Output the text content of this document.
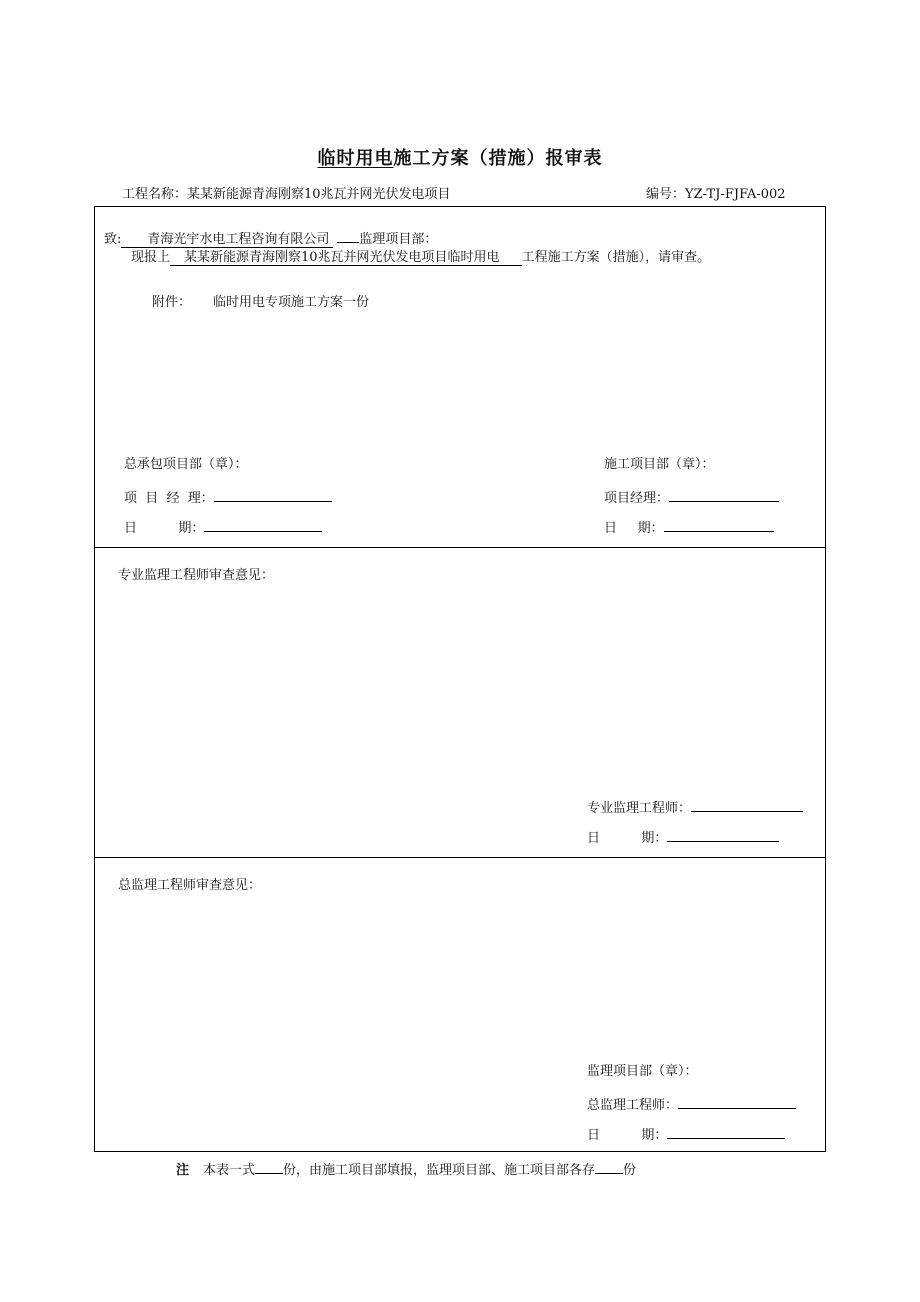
临时用电施工方案（措施）报审表
工程名称：某某新能源青海刚察10兆瓦并网光伏发电项目	编号：YZ-TJ-FJFA-002
致: 青海光宇水电工程咨询有限公司 监理项目部：
现报上 某某新能源青海刚察10兆瓦并网光伏发电项目临时用电 工程施工方案（措施），请审查。
附件： 临时用电专项施工方案一份
总承包项目部（章）：
项  目  经  理：
日          期：
施工项目部（章）：
项目经理：
日     期：
专业监理工程师审查意见：
专业监理工程师：
日          期：
总监理工程师审查意见：
监理项目部（章）：
总监理工程师：
日          期：
注 本表一式 份，由施工项目部填报，监理项目部、施工项目部各存 份
